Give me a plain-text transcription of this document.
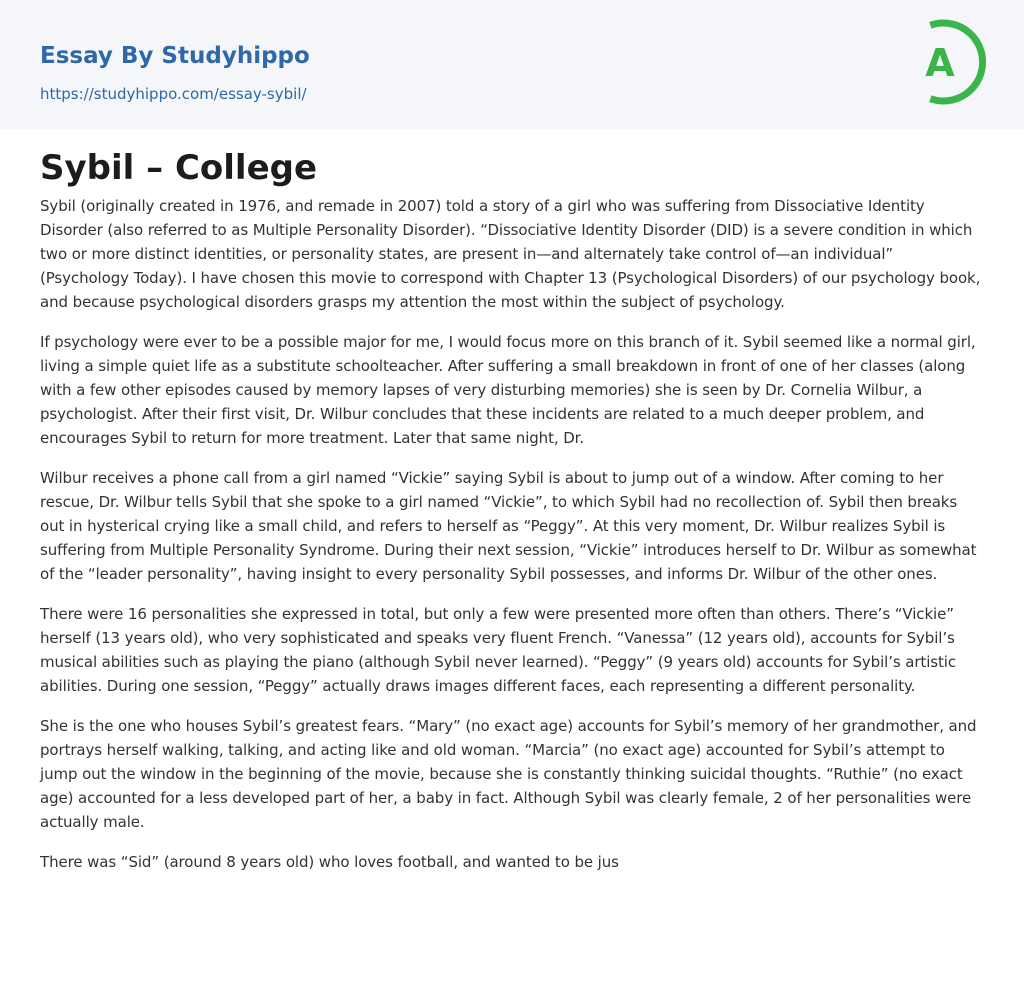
Essay By Studyhippo
https://studyhippo.com/essay-sybil/
A
Sybil – College

Sybil (originally created in 1976, and remade in 2007) told a story of a girl who was suffering from Dissociative Identity Disorder (also referred to as Multiple Personality Disorder). “Dissociative Identity Disorder (DID) is a severe condition in which two or more distinct identities, or personality states, are present in—and alternately take control of—an individual” (Psychology Today). I have chosen this movie to correspond with Chapter 13 (Psychological Disorders) of our psychology book, and because psychological disorders grasps my attention the most within the subject of psychology.

If psychology were ever to be a possible major for me, I would focus more on this branch of it. Sybil seemed like a normal girl, living a simple quiet life as a substitute schoolteacher. After suffering a small breakdown in front of one of her classes (along with a few other episodes caused by memory lapses of very disturbing memories) she is seen by Dr. Cornelia Wilbur, a psychologist. After their first visit, Dr. Wilbur concludes that these incidents are related to a much deeper problem, and encourages Sybil to return for more treatment. Later that same night, Dr.

Wilbur receives a phone call from a girl named “Vickie” saying Sybil is about to jump out of a window. After coming to her rescue, Dr. Wilbur tells Sybil that she spoke to a girl named “Vickie”, to which Sybil had no recollection of. Sybil then breaks out in hysterical crying like a small child, and refers to herself as “Peggy”. At this very moment, Dr. Wilbur realizes Sybil is suffering from Multiple Personality Syndrome. During their next session, “Vickie” introduces herself to Dr. Wilbur as somewhat of the “leader personality”, having insight to every personality Sybil possesses, and informs Dr. Wilbur of the other ones.

There were 16 personalities she expressed in total, but only a few were presented more often than others. There’s “Vickie” herself (13 years old), who very sophisticated and speaks very fluent French. “Vanessa” (12 years old), accounts for Sybil’s musical abilities such as playing the piano (although Sybil never learned). “Peggy” (9 years old) accounts for Sybil’s artistic abilities. During one session, “Peggy” actually draws images different faces, each representing a different personality.

She is the one who houses Sybil’s greatest fears. “Mary” (no exact age) accounts for Sybil’s memory of her grandmother, and portrays herself walking, talking, and acting like and old woman. “Marcia” (no exact age) accounted for Sybil’s attempt to jump out the window in the beginning of the movie, because she is constantly thinking suicidal thoughts. “Ruthie” (no exact age) accounted for a less developed part of her, a baby in fact. Although Sybil was clearly female, 2 of her personalities were actually male.

There was “Sid” (around 8 years old) who loves football, and wanted to be jus
